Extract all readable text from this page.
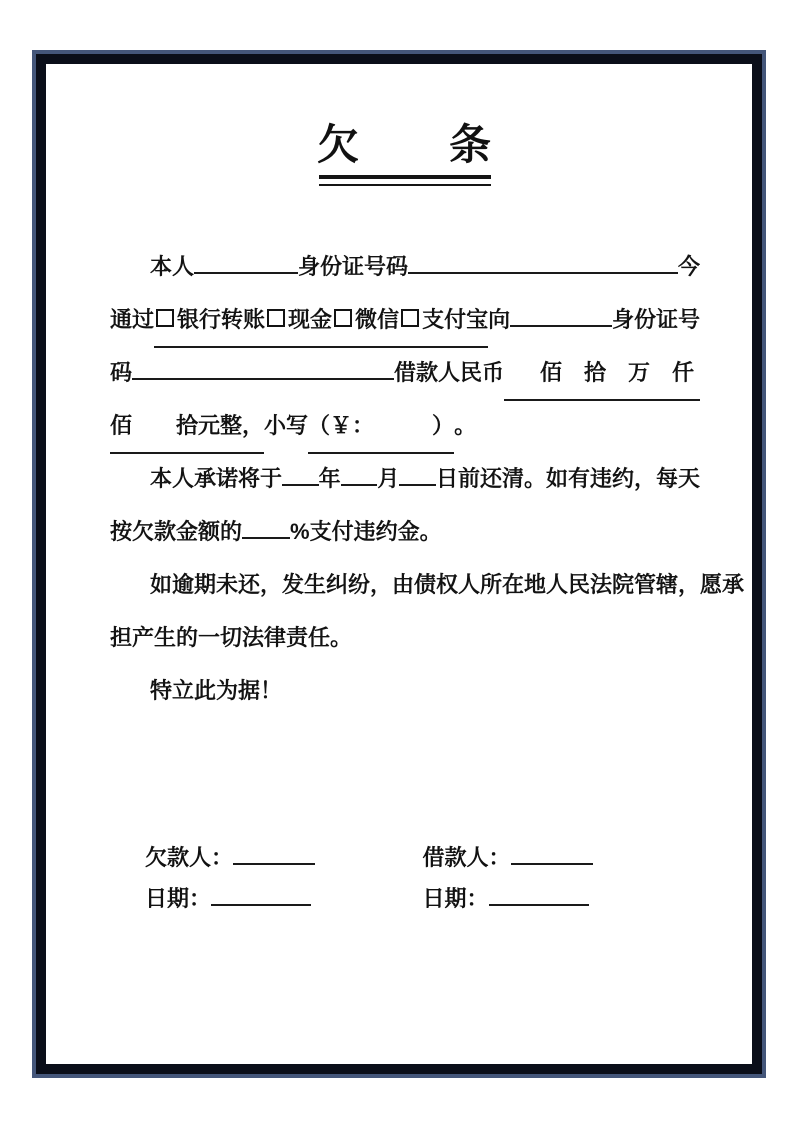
欠　　条
本人	身份证号码	今
通过	银行转账 现金 微信 支付宝 向	身份证号
码	借款人民币	佰　拾　万　仟
佰　　拾元整， 小写 （￥：	） 。
本人承诺将于 年 月 日前还清。如有违约，每天
按欠款金额的 %支付违约金。
如逾期未还，发生纠纷，由债权人所在地人民法院管辖，愿承
担产生的一切法律责任。
特立此为据！
欠款人：
日期：
借款人：
日期：
